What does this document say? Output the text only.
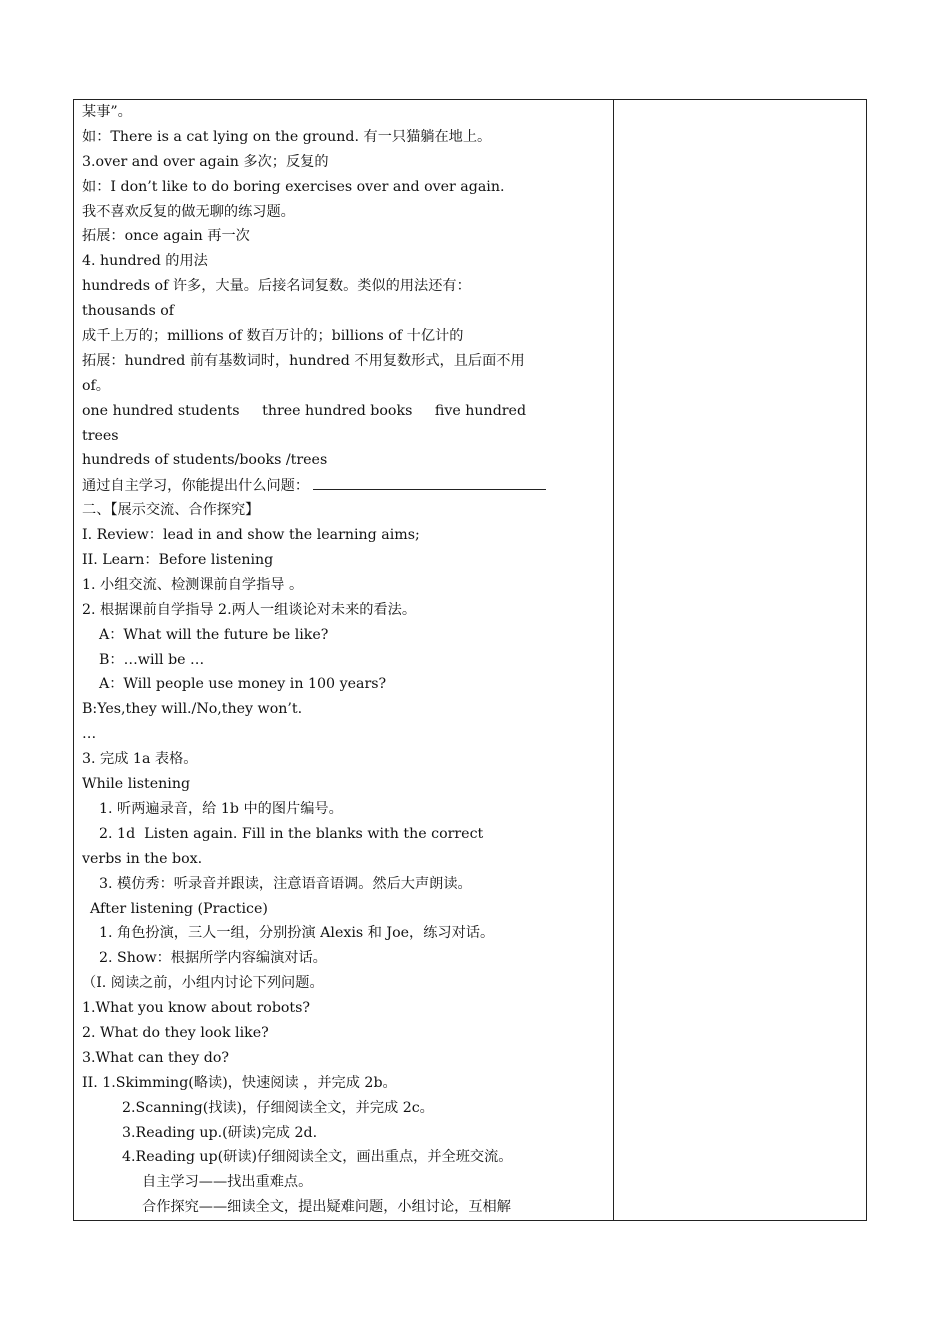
某事”。
如：There is a cat lying on the ground. 有一只猫躺在地上。
3.over and over again 多次；反复的
如：I don’t like to do boring exercises over and over again.
我不喜欢反复的做无聊的练习题。
拓展：once again 再一次
4. hundred 的用法
hundreds of 许多，大量。后接名词复数。类似的用法还有：
thousands of
成千上万的；millions of 数百万计的；billions of 十亿计的
拓展：hundred 前有基数词时，hundred 不用复数形式，且后面不用
of。
one hundred students     three hundred books     five hundred
trees
hundreds of students/books /trees
通过自主学习，你能提出什么问题：
二、【展示交流、合作探究】
I. Review：lead in and show the learning aims;
II. Learn：Before listening
1. 小组交流、检测课前自学指导 。
2. 根据课前自学指导 2.两人一组谈论对未来的看法。
A：What will the future be like?
B：…will be …
A：Will people use money in 100 years?
B:Yes,they will./No,they won’t.
…
3. 完成 1a 表格。
While listening
1. 听两遍录音，给 1b 中的图片编号。
2. 1d  Listen again. Fill in the blanks with the correct
verbs in the box.
3. 模仿秀：听录音并跟读，注意语音语调。然后大声朗读。
After listening (Practice)
1. 角色扮演，三人一组，分别扮演 Alexis 和 Joe，练习对话。
2. Show：根据所学内容编演对话。
（I. 阅读之前，小组内讨论下列问题。
1.What you know about robots?
2. What do they look like?
3.What can they do?
II. 1.Skimming(略读)，快速阅读 ，并完成 2b。
2.Scanning(找读)，仔细阅读全文，并完成 2c。
3.Reading up.(研读)完成 2d.
4.Reading up(研读)仔细阅读全文，画出重点，并全班交流。
自主学习——找出重难点。
合作探究——细读全文，提出疑难问题，小组讨论，互相解
